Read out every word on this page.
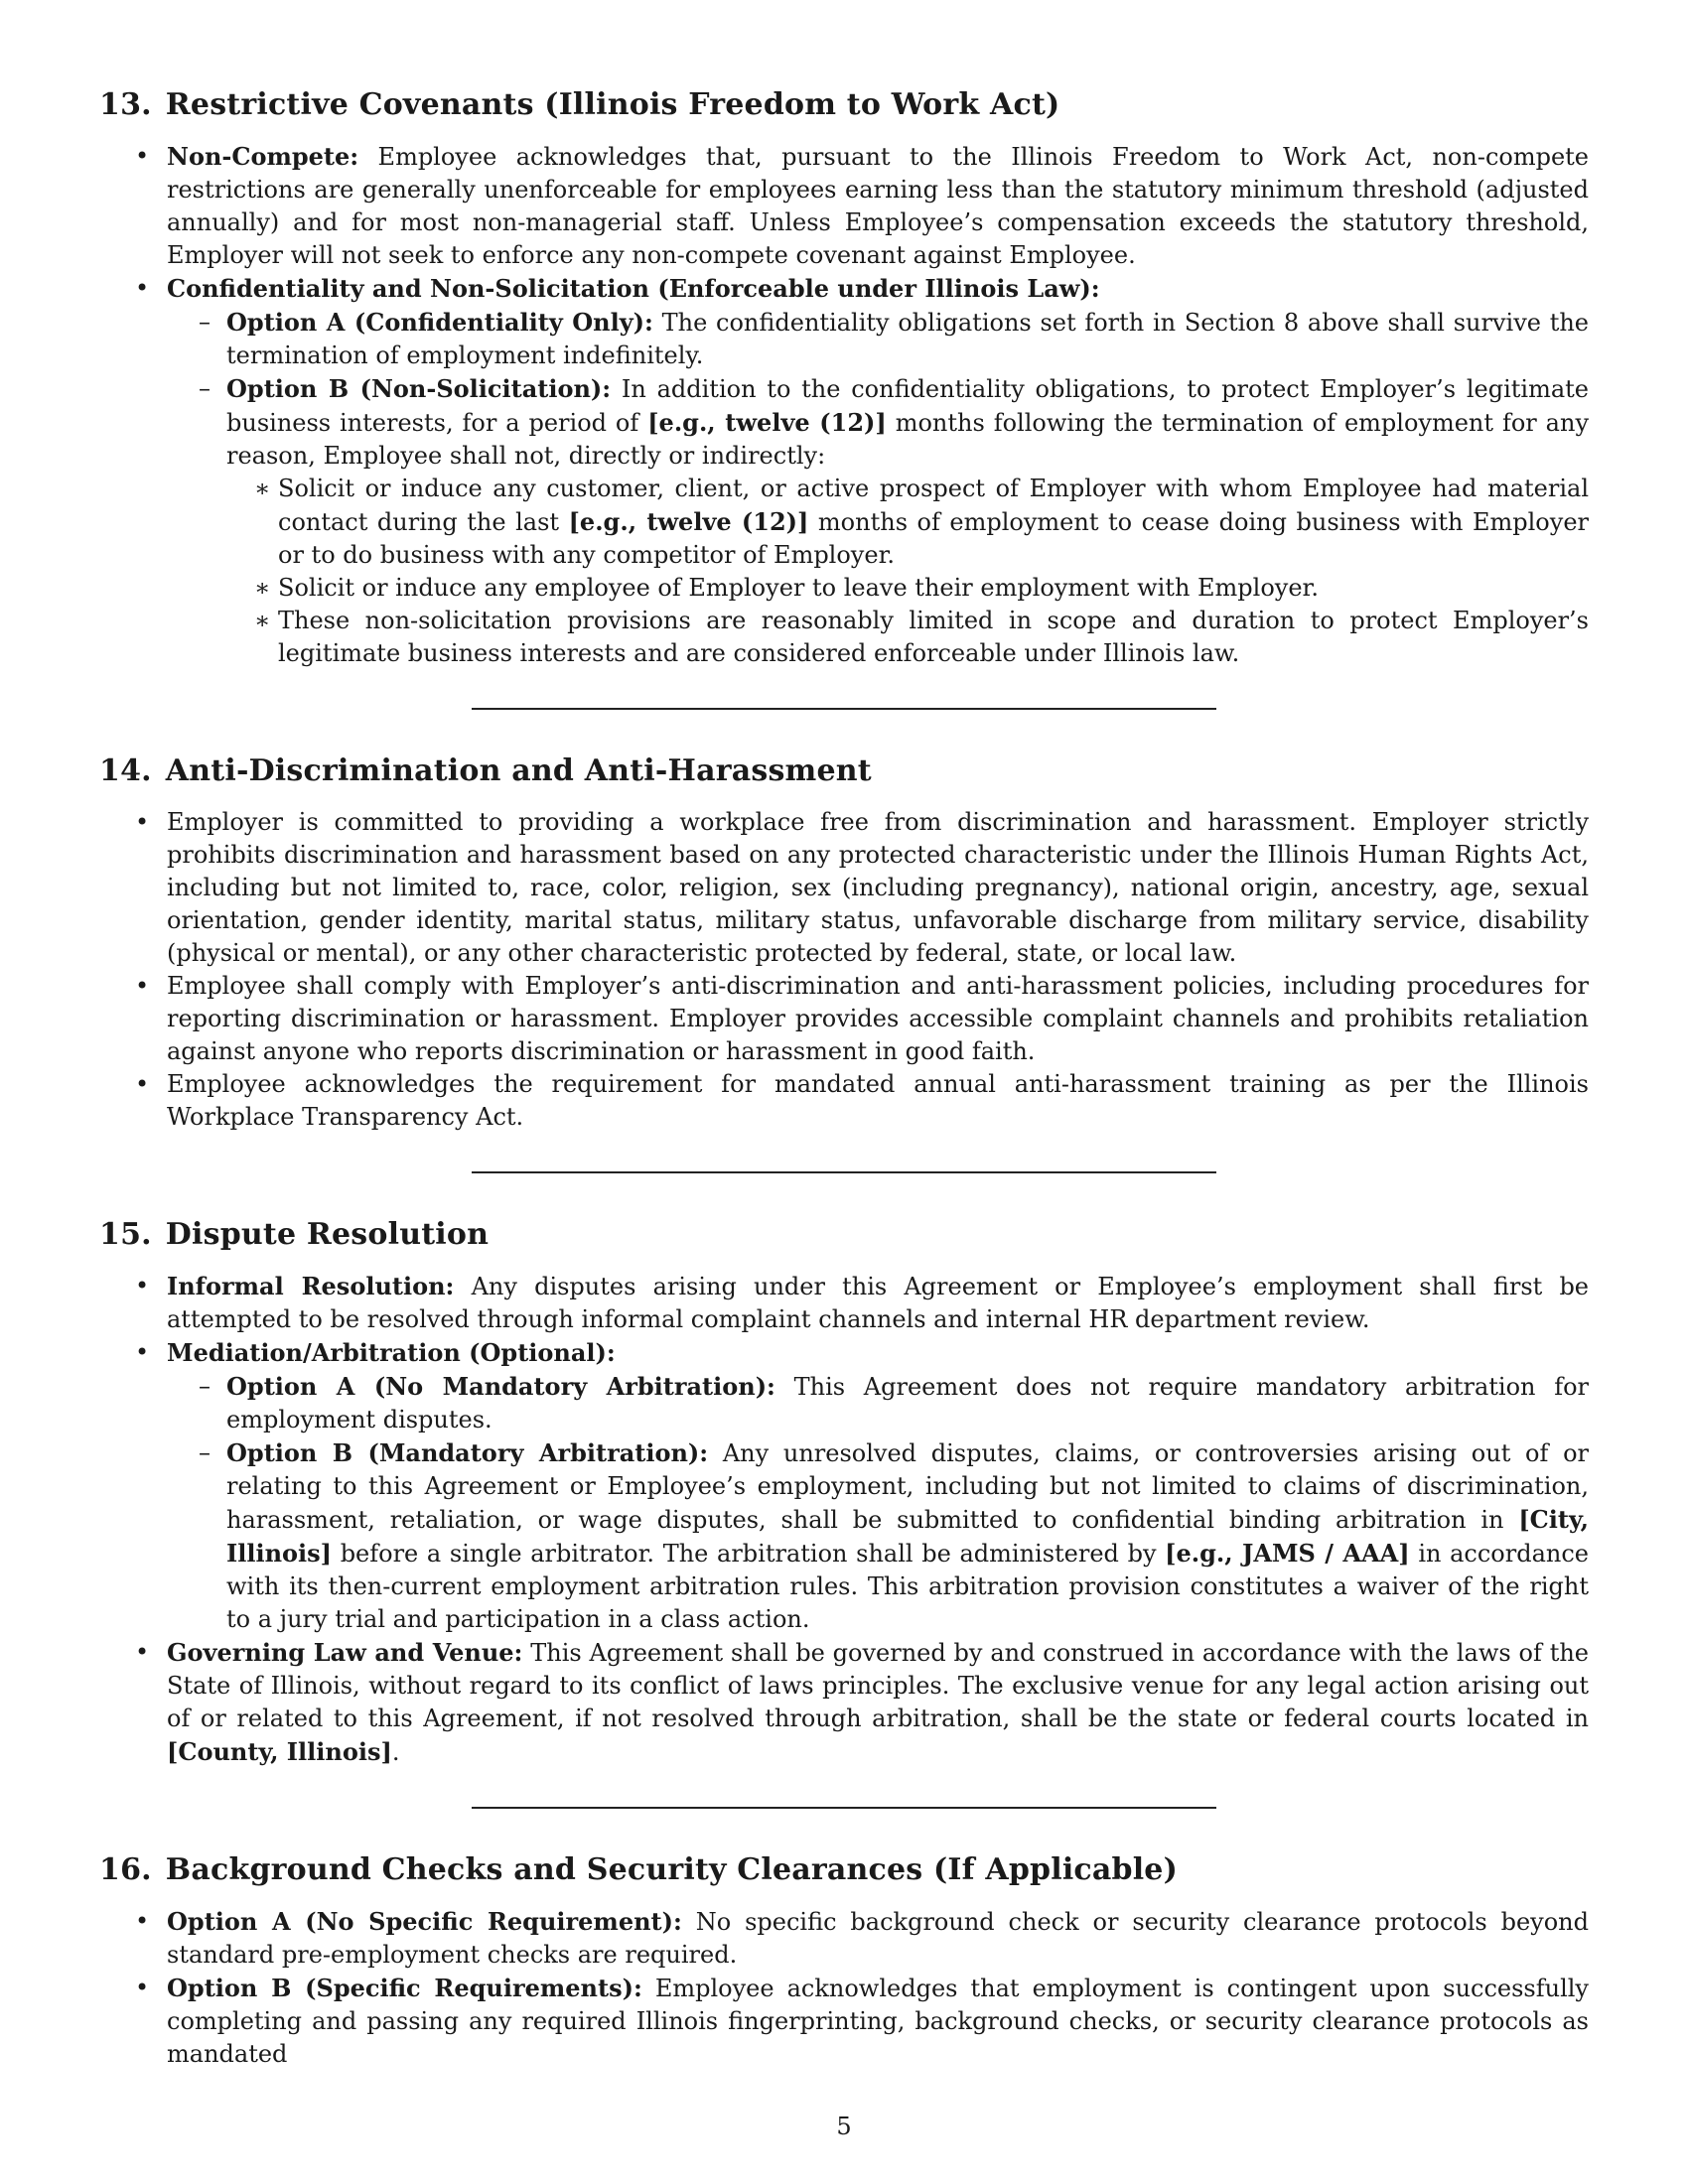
13. Restrictive Covenants (Illinois Freedom to Work Act)
• Non-Compete: Employee acknowledges that, pursuant to the Illinois Freedom to Work Act, non-compete restrictions are generally unenforceable for employees earning less than the statutory minimum threshold (adjusted annually) and for most non-managerial staff. Unless Employee’s compensation exceeds the statutory threshold, Employer will not seek to enforce any non-compete covenant against Employee.
• Confidentiality and Non-Solicitation (Enforceable under Illinois Law):
– Option A (Confidentiality Only): The confidentiality obligations set forth in Section 8 above shall survive the termination of employment indefinitely.
– Option B (Non-Solicitation): In addition to the confidentiality obligations, to protect Employer’s legitimate business interests, for a period of [e.g., twelve (12)] months following the termination of employment for any reason, Employee shall not, directly or indirectly:
∗ Solicit or induce any customer, client, or active prospect of Employer with whom Employee had material contact during the last [e.g., twelve (12)] months of employment to cease doing business with Employer or to do business with any competitor of Employer.
∗ Solicit or induce any employee of Employer to leave their employment with Employer.
∗ These non-solicitation provisions are reasonably limited in scope and duration to protect Employer’s legitimate business interests and are considered enforceable under Illinois law.
14. Anti-Discrimination and Anti-Harassment
• Employer is committed to providing a workplace free from discrimination and harassment. Employer strictly prohibits discrimination and harassment based on any protected characteristic under the Illinois Human Rights Act, including but not limited to, race, color, religion, sex (including pregnancy), national origin, ancestry, age, sexual orientation, gender identity, marital status, military status, unfavorable discharge from military service, disability (physical or mental), or any other characteristic protected by federal, state, or local law.
• Employee shall comply with Employer’s anti-discrimination and anti-harassment policies, including procedures for reporting discrimination or harassment. Employer provides accessible complaint channels and prohibits retaliation against anyone who reports discrimination or harassment in good faith.
• Employee acknowledges the requirement for mandated annual anti-harassment training as per the Illinois Workplace Transparency Act.
15. Dispute Resolution
• Informal Resolution: Any disputes arising under this Agreement or Employee’s employment shall first be attempted to be resolved through informal complaint channels and internal HR department review.
• Mediation/Arbitration (Optional):
– Option A (No Mandatory Arbitration): This Agreement does not require mandatory arbitration for employment disputes.
– Option B (Mandatory Arbitration): Any unresolved disputes, claims, or controversies arising out of or relating to this Agreement or Employee’s employment, including but not limited to claims of discrimination, harassment, retaliation, or wage disputes, shall be submitted to confidential binding arbitration in [City, Illinois] before a single arbitrator. The arbitration shall be administered by [e.g., JAMS / AAA] in accordance with its then-current employment arbitration rules. This arbitration provision constitutes a waiver of the right to a jury trial and participation in a class action.
• Governing Law and Venue: This Agreement shall be governed by and construed in accordance with the laws of the State of Illinois, without regard to its conflict of laws principles. The exclusive venue for any legal action arising out of or related to this Agreement, if not resolved through arbitration, shall be the state or federal courts located in [County, Illinois].
16. Background Checks and Security Clearances (If Applicable)
• Option A (No Specific Requirement): No specific background check or security clearance protocols beyond standard pre-employment checks are required.
• Option B (Specific Requirements): Employee acknowledges that employment is contingent upon successfully completing and passing any required Illinois fingerprinting, background checks, or security clearance protocols as mandated
5
